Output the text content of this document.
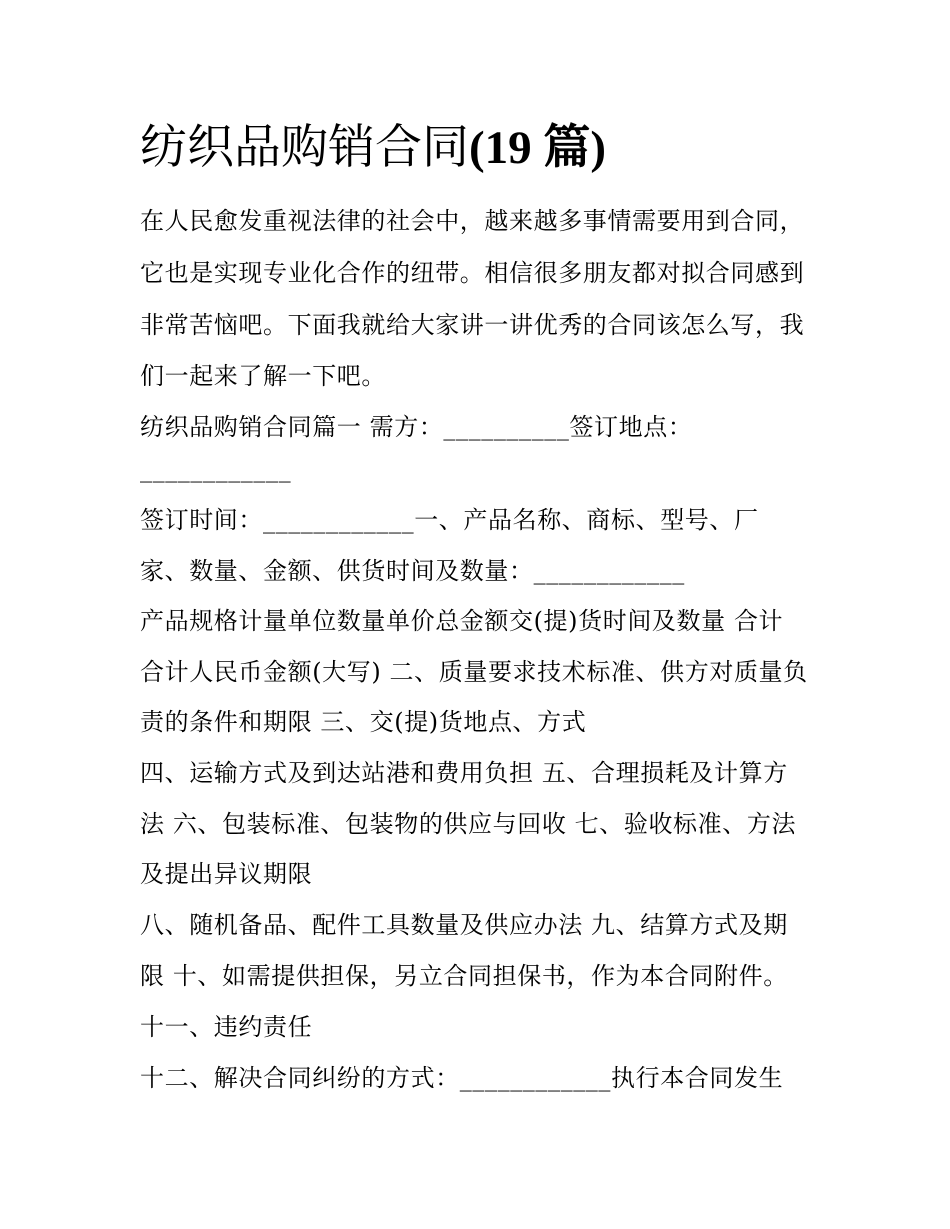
纺织品购销合同(19 篇)

在人民愈发重视法律的社会中，越来越多事情需要用到合同，

它也是实现专业化合作的纽带。相信很多朋友都对拟合同感到

非常苦恼吧。下面我就给大家讲一讲优秀的合同该怎么写，我

们一起来了解一下吧。

纺织品购销合同篇一 需方：__________签订地点：

____________

签订时间：____________一、产品名称、商标、型号、厂

家、数量、金额、供货时间及数量：____________

产品规格计量单位数量单价总金额交(提)货时间及数量 合计

合计人民币金额(大写) 二、质量要求技术标准、供方对质量负

责的条件和期限 三、交(提)货地点、方式

四、运输方式及到达站港和费用负担 五、合理损耗及计算方

法 六、包装标准、包装物的供应与回收 七、验收标准、方法

及提出异议期限

八、随机备品、配件工具数量及供应办法 九、结算方式及期

限 十、如需提供担保，另立合同担保书，作为本合同附件。

十一、违约责任

十二、解决合同纠纷的方式：____________执行本合同发生
